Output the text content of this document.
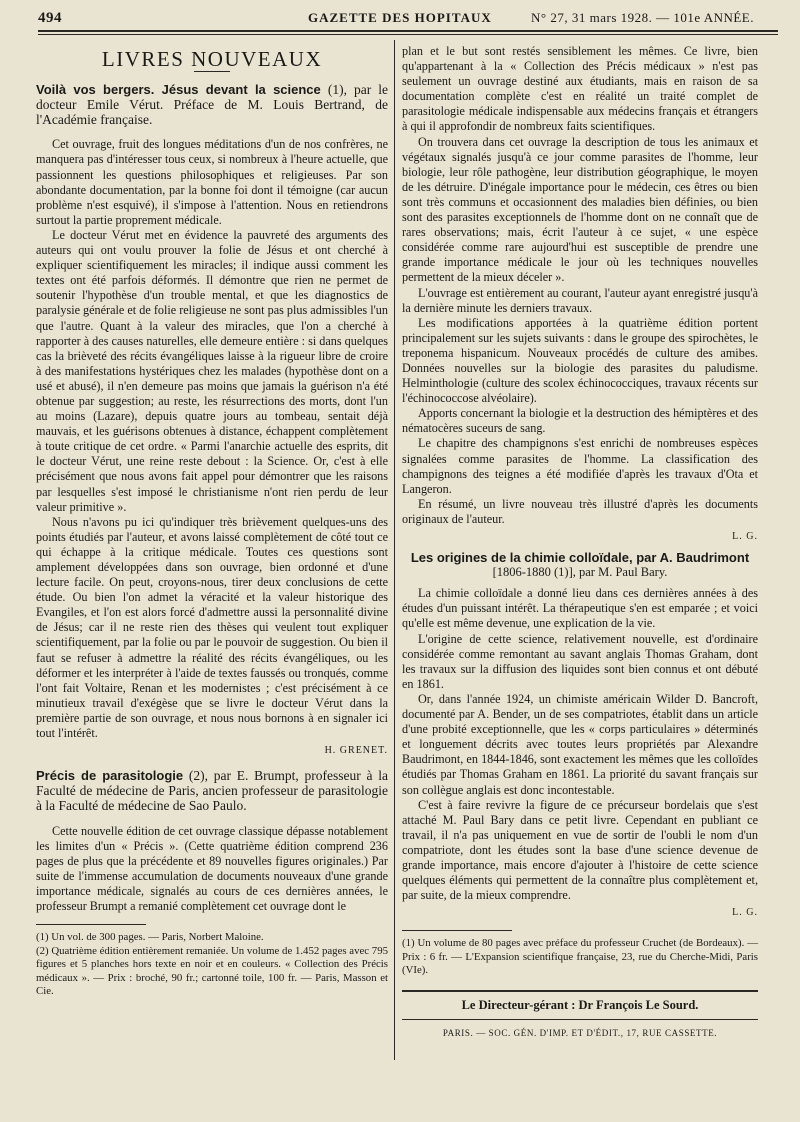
494	GAZETTE DES HOPITAUX	N° 27, 31 mars 1928. — 101e ANNÉE.
LIVRES NOUVEAUX

Voilà vos bergers. Jésus devant la science (1), par le docteur Emile Vérut. Préface de M. Louis Bertrand, de l'Académie française.

Cet ouvrage, fruit des longues méditations d'un de nos confrères, ne manquera pas d'intéresser tous ceux, si nombreux à l'heure actuelle, que passionnent les questions philosophiques et religieuses. Par son abondante documentation, par la bonne foi dont il témoigne (car aucun problème n'est esquivé), il s'impose à l'attention. Nous en retiendrons surtout la partie proprement médicale.

Le docteur Vérut met en évidence la pauvreté des arguments des auteurs qui ont voulu prouver la folie de Jésus et ont cherché à expliquer scientifiquement les miracles; il indique aussi comment les textes ont été parfois déformés. Il démontre que rien ne permet de soutenir l'hypothèse d'un trouble mental, et que les diagnostics de paralysie générale et de folie religieuse ne sont pas plus admissibles l'un que l'autre. Quant à la valeur des miracles, que l'on a cherché à rapporter à des causes naturelles, elle demeure entière : si dans quelques cas la brièveté des récits évangéliques laisse à la rigueur libre de croire à des manifestations hystériques chez les malades (hypothèse dont on a usé et abusé), il n'en demeure pas moins que jamais la guérison n'a été obtenue par suggestion; au reste, les résurrections des morts, dont l'un au moins (Lazare), depuis quatre jours au tombeau, sentait déjà mauvais, et les guérisons obtenues à distance, échappent complètement à toute critique de cet ordre. « Parmi l'anarchie actuelle des esprits, dit le docteur Vérut, une reine reste debout : la Science. Or, c'est à elle précisément que nous avons fait appel pour démontrer que les raisons par lesquelles s'est imposé le christianisme n'ont rien perdu de leur valeur primitive ».

Nous n'avons pu ici qu'indiquer très brièvement quelques-uns des points étudiés par l'auteur, et avons laissé complètement de côté tout ce qui échappe à la critique médicale. Toutes ces questions sont amplement développées dans son ouvrage, bien ordonné et d'une lecture facile. On peut, croyons-nous, tirer deux conclusions de cette étude. Ou bien l'on admet la véracité et la valeur historique des Evangiles, et l'on est alors forcé d'admettre aussi la personnalité divine de Jésus; car il ne reste rien des thèses qui veulent tout expliquer scientifiquement, par la folie ou par le pouvoir de suggestion. Ou bien il faut se refuser à admettre la réalité des récits évangéliques, ou les déformer et les interpréter à l'aide de textes faussés ou tronqués, comme l'ont fait Voltaire, Renan et les modernistes ; c'est précisément à ce minutieux travail d'exégèse que se livre le docteur Vérut dans la première partie de son ouvrage, et nous nous bornons à en signaler ici tout l'intérêt.

H. GRENET.

Précis de parasitologie (2), par E. Brumpt, professeur à la Faculté de médecine de Paris, ancien professeur de parasitologie à la Faculté de médecine de Sao Paulo.

Cette nouvelle édition de cet ouvrage classique dépasse notablement les limites d'un « Précis ». (Cette quatrième édition comprend 236 pages de plus que la précédente et 89 nouvelles figures originales.) Par suite de l'immense accumulation de documents nouveaux d'une grande importance médicale, signalés au cours de ces dernières années, le professeur Brumpt a remanié complètement cet ouvrage dont le

(1) Un vol. de 300 pages. — Paris, Norbert Maloine.

(2) Quatrième édition entièrement remaniée. Un volume de 1.452 pages avec 795 figures et 5 planches hors texte en noir et en couleurs. « Collection des Précis médicaux ». — Prix : broché, 90 fr.; cartonné toile, 100 fr. — Paris, Masson et Cie.

plan et le but sont restés sensiblement les mêmes. Ce livre, bien qu'appartenant à la « Collection des Précis médicaux » n'est pas seulement un ouvrage destiné aux étudiants, mais en raison de sa documentation complète c'est en réalité un traité complet de parasitologie médicale indispensable aux médecins français et étrangers à qui il approfondir de nombreux faits scientifiques.

On trouvera dans cet ouvrage la description de tous les animaux et végétaux signalés jusqu'à ce jour comme parasites de l'homme, leur biologie, leur rôle pathogène, leur distribution géographique, le moyen de les détruire. D'inégale importance pour le médecin, ces êtres ou bien sont très communs et occasionnent des maladies bien définies, ou bien sont des parasites exceptionnels de l'homme dont on ne connaît que de rares observations; mais, écrit l'auteur à ce sujet, « une espèce considérée comme rare aujourd'hui est susceptible de prendre une grande importance médicale le jour où les techniques nouvelles permettent de la mieux déceler ».

L'ouvrage est entièrement au courant, l'auteur ayant enregistré jusqu'à la dernière minute les derniers travaux.

Les modifications apportées à la quatrième édition portent principalement sur les sujets suivants : dans le groupe des spirochètes, le treponema hispanicum. Nouveaux procédés de culture des amibes. Données nouvelles sur la biologie des parasites du paludisme. Helminthologie (culture des scolex échinococciques, travaux récents sur l'échinococcose alvéolaire).

Apports concernant la biologie et la destruction des hémiptères et des nématocères suceurs de sang.

Le chapitre des champignons s'est enrichi de nombreuses espèces signalées comme parasites de l'homme. La classification des champignons des teignes a été modifiée d'après les travaux d'Ota et Langeron.

En résumé, un livre nouveau très illustré d'après les documents originaux de l'auteur.

L. G.
Les origines de la chimie colloïdale, par A. Baudrimont
[1806-1880 (1)], par M. Paul Bary.

La chimie colloïdale a donné lieu dans ces dernières années à des études d'un puissant intérêt. La thérapeutique s'en est emparée ; et voici qu'elle est même devenue, une explication de la vie.

L'origine de cette science, relativement nouvelle, est d'ordinaire considérée comme remontant au savant anglais Thomas Graham, dont les travaux sur la diffusion des liquides sont bien connus et ont débuté en 1861.

Or, dans l'année 1924, un chimiste américain Wilder D. Bancroft, documenté par A. Bender, un de ses compatriotes, établit dans un article d'une probité exceptionnelle, que les « corps particulaires » déterminés et longuement décrits avec toutes leurs propriétés par Alexandre Baudrimont, en 1844-1846, sont exactement les mêmes que les colloïdes étudiés par Thomas Graham en 1861. La priorité du savant français sur son collègue anglais est donc incontestable.

C'est à faire revivre la figure de ce précurseur bordelais que s'est attaché M. Paul Bary dans ce petit livre. Cependant en publiant ce travail, il n'a pas uniquement en vue de sortir de l'oubli le nom d'un compatriote, dont les études sont la base d'une science devenue de grande importance, mais encore d'ajouter à l'histoire de cette science quelques éléments qui permettent de la connaître plus complètement et, par suite, de la mieux comprendre.

L. G.

(1) Un volume de 80 pages avec préface du professeur Cruchet (de Bordeaux). — Prix : 6 fr. — L'Expansion scientifique française, 23, rue du Cherche-Midi, Paris (VIe).

Le Directeur-gérant : Dr François Le Sourd.
PARIS. — SOC. GÉN. D'IMP. ET D'ÉDIT., 17, RUE CASSETTE.
